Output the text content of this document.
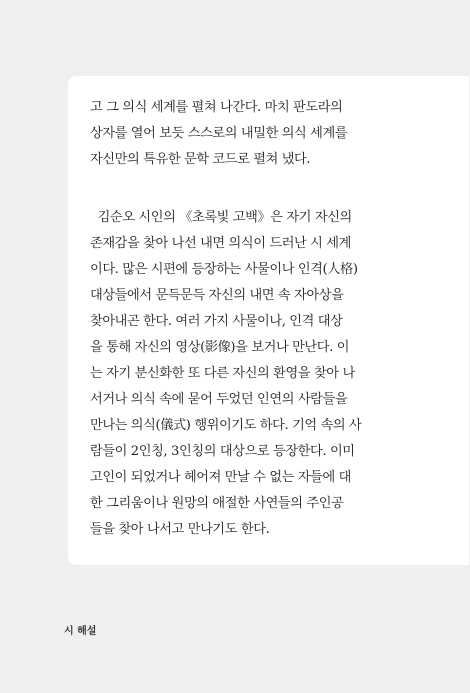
고 그 의식 세계를 펼쳐 나간다. 마치 판도라의
상자를 열어 보듯 스스로의 내밀한 의식 세계를
자신만의 특유한 문학 코드로 펼쳐 냈다.
김순오 시인의 《초록빛 고백》은 자기 자신의
존재감을 찾아 나선 내면 의식이 드러난 시 세계
이다. 많은 시편에 등장하는 사물이나 인격(人格)
대상들에서 문득문득 자신의 내면 속 자아상을
찾아내곤 한다. 여러 가지 사물이나, 인격 대상
을 통해 자신의 영상(影像)을 보거나 만난다. 이
는 자기 분신화한 또 다른 자신의 환영을 찾아 나
서거나 의식 속에 묻어 두었던 인연의 사람들을
만나는 의식(儀式) 행위이기도 하다. 기억 속의 사
람들이 2인칭, 3인칭의 대상으로 등장한다. 이미
고인이 되었거나 헤어져 만날 수 없는 자들에 대
한 그리움이나 원망의 애절한 사연들의 주인공
들을 찾아 나서고 만나기도 한다.
시 해설
